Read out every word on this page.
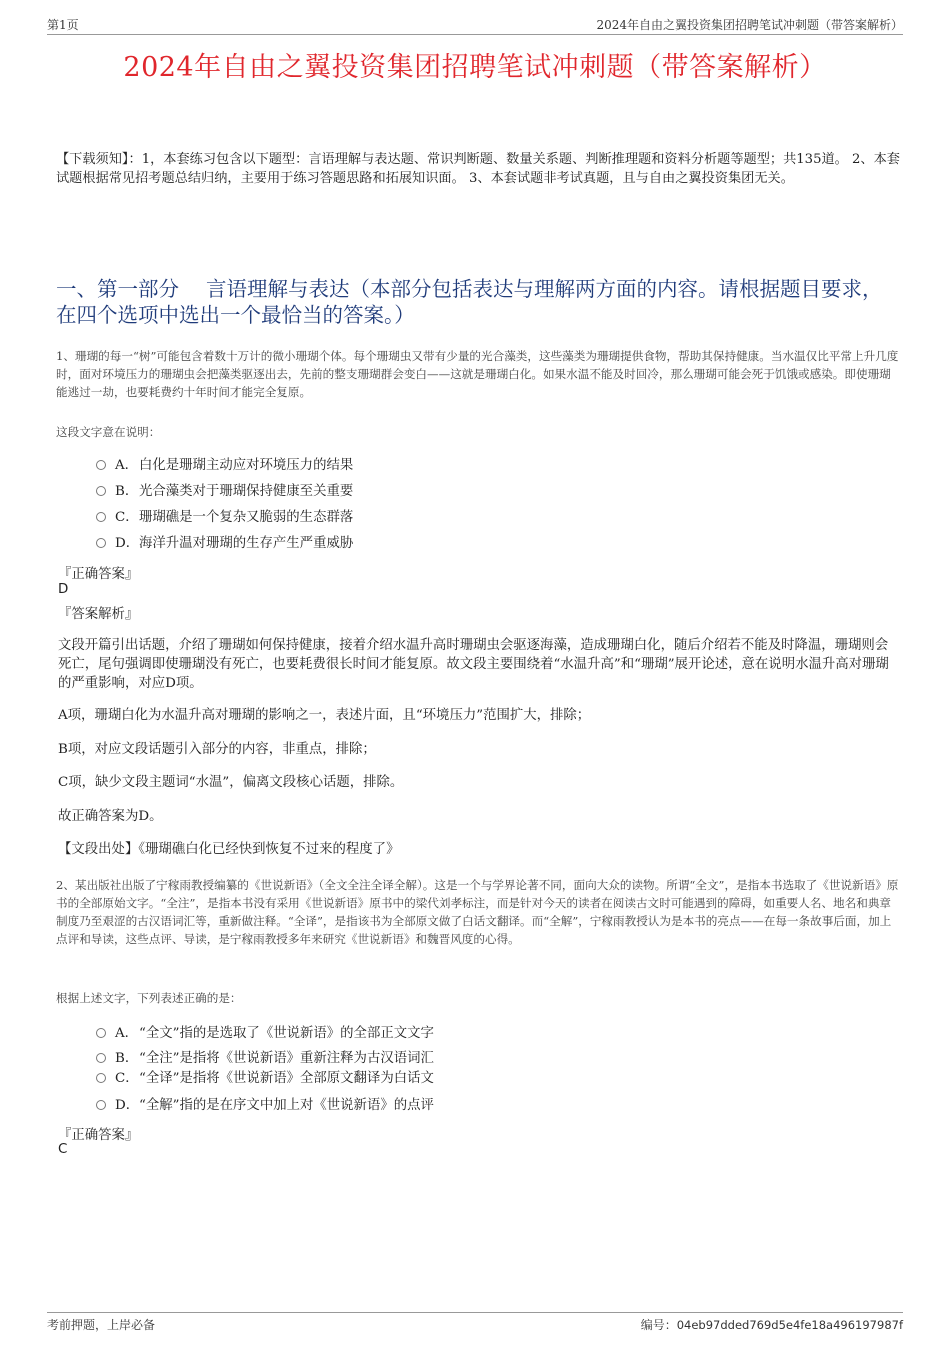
第1页	2024年自由之翼投资集团招聘笔试冲刺题（带答案解析）
2024年自由之翼投资集团招聘笔试冲刺题（带答案解析）
【下载须知】：1，本套练习包含以下题型：言语理解与表达题、常识判断题、数量关系题、判断推理题和资料分析题等题型；共135道。 2、本套试题根据常见招考题总结归纳，主要用于练习答题思路和拓展知识面。 3、本套试题非考试真题，且与自由之翼投资集团无关。
一、第一部分　 言语理解与表达（本部分包括表达与理解两方面的内容。请根据题目要求，在四个选项中选出一个最恰当的答案。）
1、珊瑚的每一“树”可能包含着数十万计的微小珊瑚个体。每个珊瑚虫又带有少量的光合藻类，这些藻类为珊瑚提供食物，帮助其保持健康。当水温仅比平常上升几度时，面对环境压力的珊瑚虫会把藻类驱逐出去，先前的整支珊瑚群会变白——这就是珊瑚白化。如果水温不能及时回冷，那么珊瑚可能会死于饥饿或感染。即使珊瑚能逃过一劫，也要耗费约十年时间才能完全复原。
这段文字意在说明：
A．白化是珊瑚主动应对环境压力的结果
B．光合藻类对于珊瑚保持健康至关重要
C．珊瑚礁是一个复杂又脆弱的生态群落
D．海洋升温对珊瑚的生存产生严重威胁
『正确答案』
D
『答案解析』
文段开篇引出话题，介绍了珊瑚如何保持健康，接着介绍水温升高时珊瑚虫会驱逐海藻，造成珊瑚白化，随后介绍若不能及时降温，珊瑚则会死亡，尾句强调即使珊瑚没有死亡，也要耗费很长时间才能复原。故文段主要围绕着“水温升高”和“珊瑚”展开论述，意在说明水温升高对珊瑚的严重影响，对应D项。
A项，珊瑚白化为水温升高对珊瑚的影响之一，表述片面，且“环境压力”范围扩大，排除；
B项，对应文段话题引入部分的内容，非重点，排除；
C项，缺少文段主题词“水温”，偏离文段核心话题，排除。
故正确答案为D。
【文段出处】《珊瑚礁白化已经快到恢复不过来的程度了》
2、某出版社出版了宁稼雨教授编纂的《世说新语》（全文全注全译全解）。这是一个与学界论著不同，面向大众的读物。所谓“全文”，是指本书选取了《世说新语》原书的全部原始文字。“全注”，是指本书没有采用《世说新语》原书中的梁代刘孝标注，而是针对今天的读者在阅读古文时可能遇到的障碍，如重要人名、地名和典章制度乃至艰涩的古汉语词汇等，重新做注释。“全译”，是指该书为全部原文做了白话文翻译。而“全解”，宁稼雨教授认为是本书的亮点——在每一条故事后面，加上点评和导读，这些点评、导读，是宁稼雨教授多年来研究《世说新语》和魏晋风度的心得。
根据上述文字，下列表述正确的是：
A．“全文”指的是选取了《世说新语》的全部正文文字
B．“全注”是指将《世说新语》重新注释为古汉语词汇
C．“全译”是指将《世说新语》全部原文翻译为白话文
D．“全解”指的是在序文中加上对《世说新语》的点评
『正确答案』
C
考前押题，上岸必备	编号：04eb97dded769d5e4fe18a496197987f
